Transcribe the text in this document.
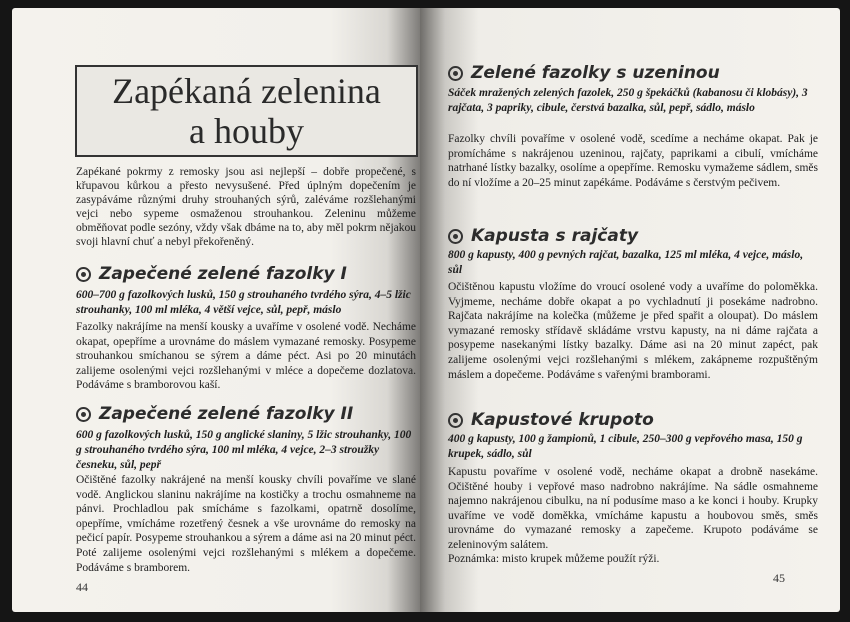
Zapékaná zelenina
a houby

Zapékané pokrmy z remosky jsou asi nejlepší – dobře propečené, s křupavou kůrkou a přesto nevysušené. Před úplným dopečením je zasypáváme různými druhy strouhaných sýrů, zaléváme rozšlehanými vejci nebo sypeme osmaženou strouhankou. Zeleninu můžeme obměňovat podle sezóny, vždy však dbáme na to, aby měl pokrm nějakou svoji hlavní chuť a nebyl překořeněný.

Zapečené zelené fazolky I

600–700 g fazolkových lusků, 150 g strouhaného tvrdého sýra, 4–5 lžic strouhanky, 100 ml mléka, 4 větší vejce, sůl, pepř, máslo

Fazolky nakrájíme na menší kousky a uvaříme v osolené vodě. Necháme okapat, opepříme a urovnáme do máslem vymazané remosky. Posypeme strouhankou smíchanou se sýrem a dáme péct. Asi po 20 minutách zalijeme osolenými vejci rozšlehanými v mléce a dopečeme dozlatova. Podáváme s bramborovou kaší.

Zapečené zelené fazolky II

600 g fazolkových lusků, 150 g anglické slaniny, 5 lžic strouhanky, 100 g strouhaného tvrdého sýra, 100 ml mléka, 4 vejce, 2–3 stroužky česneku, sůl, pepř

Očištěné fazolky nakrájené na menší kousky chvíli povaříme ve slané vodě. Anglickou slaninu nakrájíme na kostičky a trochu osmahneme na pánvi. Prochladlou pak smícháme s fazolkami, opatrně dosolíme, opepříme, vmícháme rozetřený česnek a vše urovnáme do remosky na pečicí papír. Posypeme strouhankou a sýrem a dáme asi na 20 minut péct. Poté zalijeme osolenými vejci rozšlehanými s mlékem a dopečeme. Podáváme s bramborem.

44
Zelené fazolky s uzeninou

Sáček mražených zelených fazolek, 250 g špekáčků (kabanosu či klobásy), 3 rajčata, 3 papriky, cibule, čerstvá bazalka, sůl, pepř, sádlo, máslo

Fazolky chvíli povaříme v osolené vodě, scedíme a necháme okapat. Pak je promícháme s nakrájenou uzeninou, rajčaty, paprikami a cibulí, vmícháme natrhané lístky bazalky, osolíme a opepříme. Remosku vymažeme sádlem, směs do ní vložíme a 20–25 minut zapékáme. Podáváme s čerstvým pečivem.

Kapusta s rajčaty

800 g kapusty, 400 g pevných rajčat, bazalka, 125 ml mléka, 4 vejce, máslo, sůl

Očištěnou kapustu vložíme do vroucí osolené vody a uvaříme do poloměkka. Vyjmeme, necháme dobře okapat a po vychladnutí ji posekáme nadrobno. Rajčata nakrájíme na kolečka (můžeme je před spařit a oloupat). Do máslem vymazané remosky střídavě skládáme vrstvu kapusty, na ni dáme rajčata a posypeme nasekanými lístky bazalky. Dáme asi na 20 minut zapéct, pak zalijeme osolenými vejci rozšlehanými s mlékem, zakápneme rozpuštěným máslem a dopečeme. Podáváme s vařenými bramborami.

Kapustové krupoto

400 g kapusty, 100 g žampionů, 1 cibule, 250–300 g vepřového masa, 150 g krupek, sádlo, sůl

Kapustu povaříme v osolené vodě, necháme okapat a drobně nasekáme. Očištěné houby i vepřové maso nadrobno nakrájíme. Na sádle osmahneme najemno nakrájenou cibulku, na ní podusíme maso a ke konci i houby. Krupky uvaříme ve vodě doměkka, vmícháme kapustu a houbovou směs, směs urovnáme do vymazané remosky a zapečeme. Krupoto podáváme se zeleninovým salátem.

Poznámka: misto krupek můžeme použít rýži.

45
